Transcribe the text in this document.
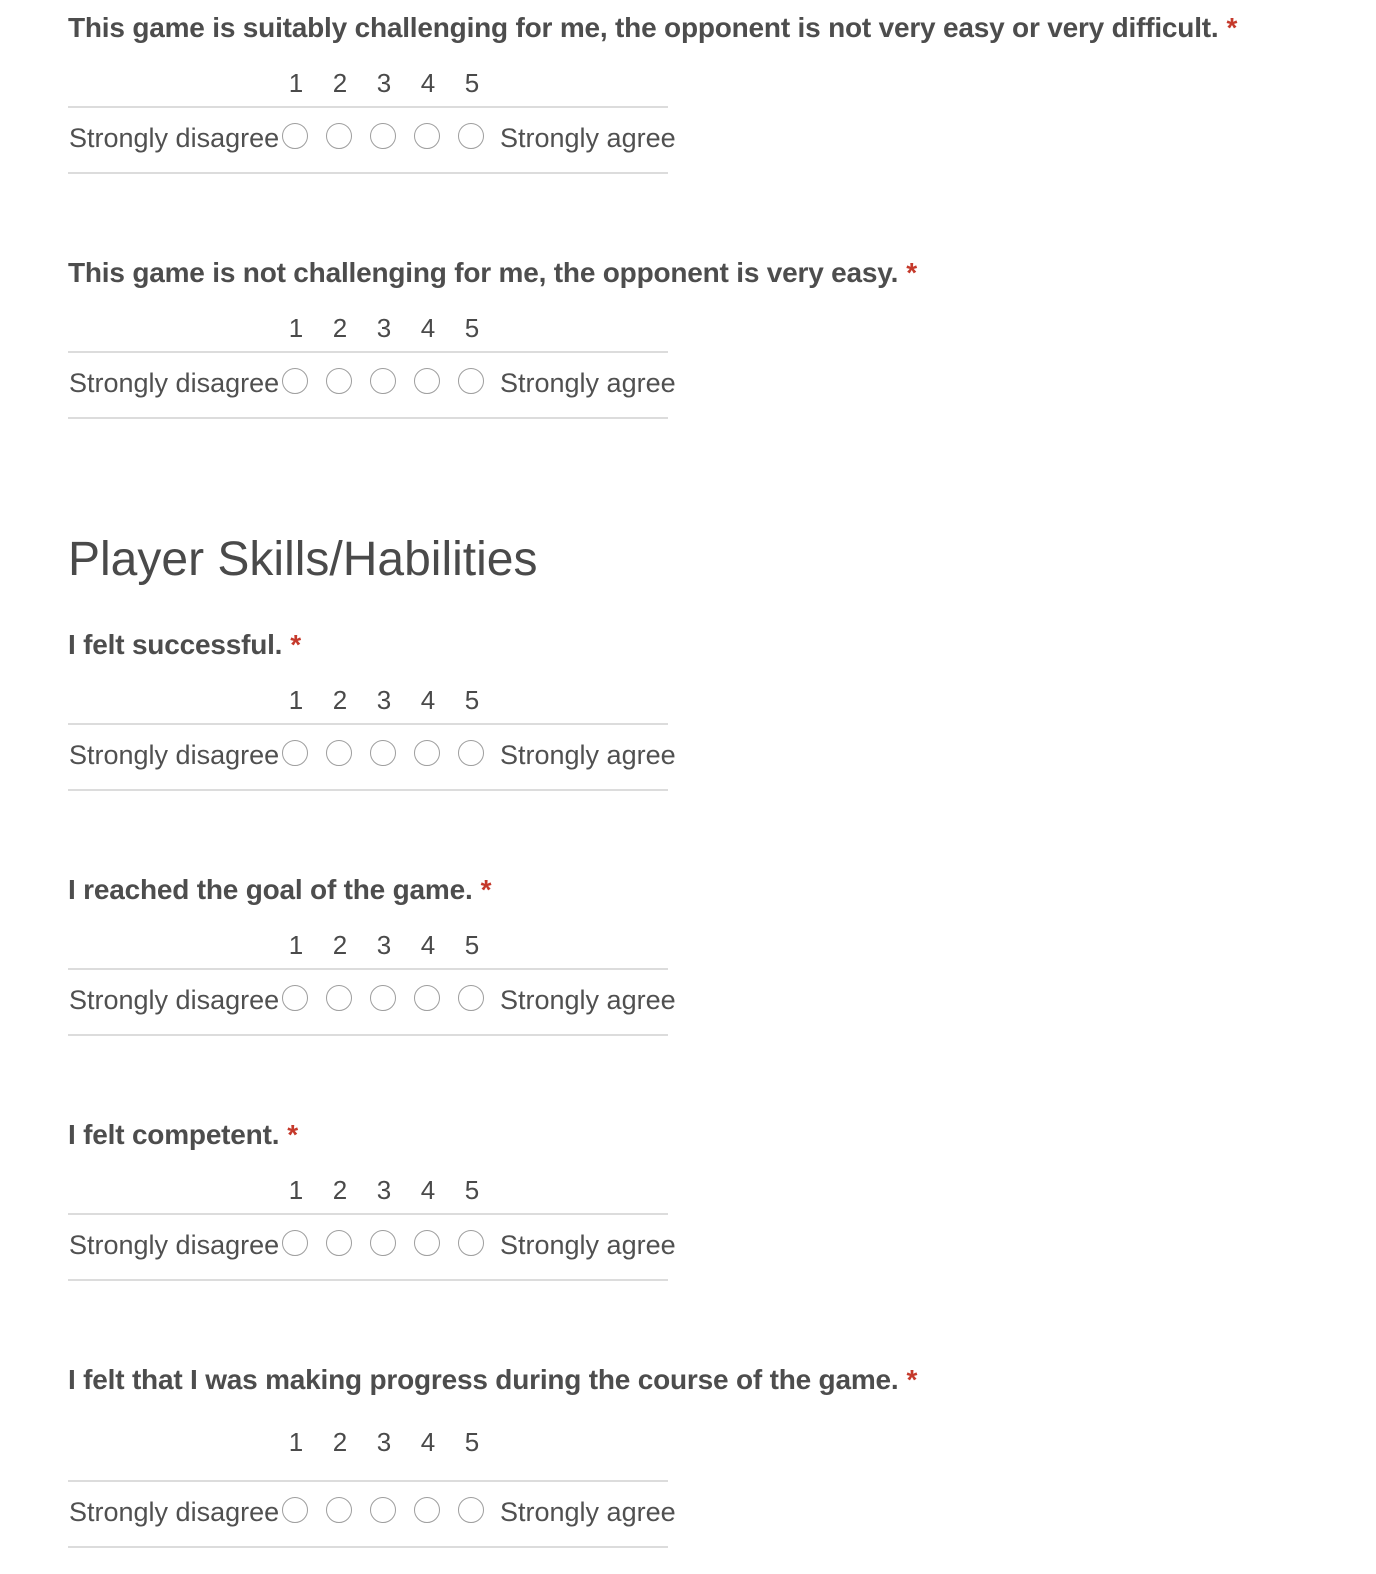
This game is suitably challenging for me, the opponent is not very easy or very difficult. *
1 2 3 4 5
Strongly disagree	Strongly agree
This game is not challenging for me, the opponent is very easy. *
1 2 3 4 5
Strongly disagree	Strongly agree
Player Skills/Habilities
I felt successful. *
1 2 3 4 5
Strongly disagree	Strongly agree
I reached the goal of the game. *
1 2 3 4 5
Strongly disagree	Strongly agree
I felt competent. *
1 2 3 4 5
Strongly disagree	Strongly agree
I felt that I was making progress during the course of the game. *
1 2 3 4 5
Strongly disagree	Strongly agree
